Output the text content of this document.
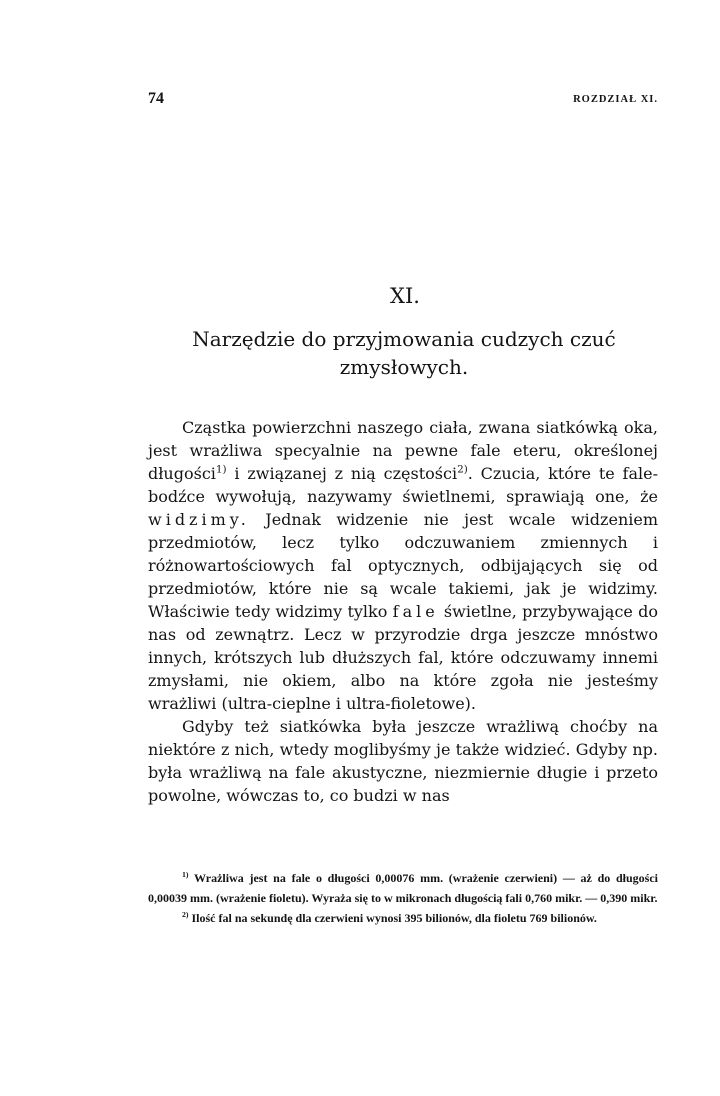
74	ROZDZIAŁ XI.
XI.
Narzędzie do przyjmowania cudzych czuć zmysłowych.

Cząstka powierzchni naszego ciała, zwana siatkówką oka, jest wrażliwa specyalnie na pewne fale eteru, określonej długości$^{1)}$ i związanej z nią częstości$^{2)}$. Czucia, które te fale-bodźce wywołują, nazywamy świetlnemi, sprawiają one, że widzimy. Jednak widzenie nie jest wcale widzeniem przedmiotów, lecz tylko odczuwaniem zmiennych i różnowartościowych fal optycznych, odbijających się od przedmiotów, które nie są wcale takiemi, jak je widzimy. Właściwie tedy widzimy tylko fale świetlne, przybywające do nas od zewnątrz. Lecz w przyrodzie drga jeszcze mnóstwo innych, krótszych lub dłuższych fal, które odczuwamy innemi zmysłami, nie okiem, albo na które zgoła nie jesteśmy wrażliwi (ultra-cieplne i ultra-fioletowe).

Gdyby też siatkówka była jeszcze wrażliwą choćby na niektóre z nich, wtedy moglibyśmy je także widzieć. Gdyby np. była wrażliwą na fale akustyczne, niezmiernie długie i przeto powolne, wówczas to, co budzi w nas

$^{1)}$ Wrażliwa jest na fale o długości 0,00076 mm. (wrażenie czerwieni) — aż do długości 0,00039 mm. (wrażenie fioletu). Wyraża się to w mikronach długością fali 0,760 mikr. — 0,390 mikr.

$^{2)}$ Ilość fal na sekundę dla czerwieni wynosi 395 bilionów, dla fioletu 769 bilionów.
